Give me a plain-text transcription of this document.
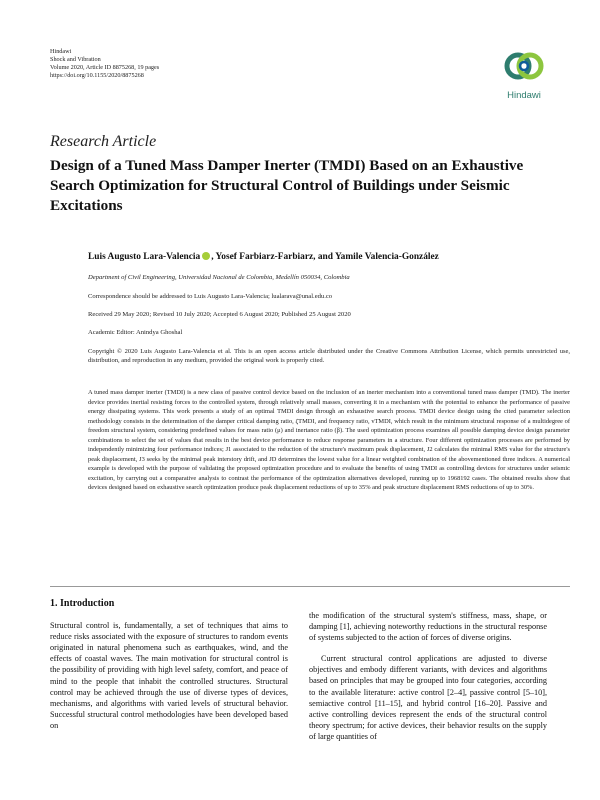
Hindawi
Shock and Vibration
Volume 2020, Article ID 8875268, 19 pages
https://doi.org/10.1155/2020/8875268
Hindawi
Research Article
Design of a Tuned Mass Damper Inerter (TMDI) Based on an Exhaustive Search Optimization for Structural Control of Buildings under Seismic Excitations
Luis Augusto Lara-Valencia , Yosef Farbiarz-Farbiarz, and Yamile Valencia-González
Department of Civil Engineering, Universidad Nacional de Colombia, Medellín 050034, Colombia
Correspondence should be addressed to Luis Augusto Lara-Valencia; lualarava@unal.edu.co
Received 29 May 2020; Revised 10 July 2020; Accepted 6 August 2020; Published 25 August 2020
Academic Editor: Anindya Ghoshal
Copyright © 2020 Luis Augusto Lara-Valencia et al. This is an open access article distributed under the Creative Commons Attribution License, which permits unrestricted use, distribution, and reproduction in any medium, provided the original work is properly cited.
A tuned mass damper inerter (TMDI) is a new class of passive control device based on the inclusion of an inerter mechanism into a conventional tuned mass damper (TMD). The inerter device provides inertial resisting forces to the controlled system, through relatively small masses, converting it in a mechanism with the potential to enhance the performance of passive energy dissipating systems. This work presents a study of an optimal TMDI design through an exhaustive search process. TMDI device design using the cited parameter selection methodology consists in the determination of the damper critical damping ratio, ζTMDI, and frequency ratio, vTMDI, which result in the minimum structural response of a multidegree of freedom structural system, considering predefined values for mass ratio (μ) and inertance ratio (β). The used optimization process examines all possible damping device design parameter combinations to select the set of values that results in the best device performance to reduce response parameters in a structure. Four different optimization processes are performed by independently minimizing four performance indices; J1 associated to the reduction of the structure's maximum peak displacement, J2 calculates the minimal RMS value for the structure's peak displacement, J3 seeks by the minimal peak interstory drift, and JD determines the lowest value for a linear weighted combination of the abovementioned three indices. A numerical example is developed with the purpose of validating the proposed optimization procedure and to evaluate the benefits of using TMDI as controlling devices for structures under seismic excitation, by carrying out a comparative analysis to contrast the performance of the optimization alternatives developed, running up to 1968192 cases. The obtained results show that devices designed based on exhaustive search optimization produce peak displacement reductions of up to 35% and peak structure displacement RMS reductions of up to 30%.
1. Introduction

Structural control is, fundamentally, a set of techniques that aims to reduce risks associated with the exposure of structures to random events originated in natural phenomena such as earthquakes, wind, and the effects of coastal waves. The main motivation for structural control is the possibility of providing with high level safety, comfort, and peace of mind to the people that inhabit the controlled structures. Structural control may be achieved through the use of diverse types of devices, mechanisms, and algorithms with varied levels of structural behavior. Successful structural control methodologies have been developed based on

the modification of the structural system's stiffness, mass, shape, or damping [1], achieving noteworthy reductions in the structural response of systems subjected to the action of forces of diverse origins.

Current structural control applications are adjusted to diverse objectives and embody different variants, with devices and algorithms based on principles that may be grouped into four categories, according to the available literature: active control [2–4], passive control [5–10], semiactive control [11–15], and hybrid control [16–20]. Passive and active controlling devices represent the ends of the structural control theory spectrum; for active devices, their behavior results on the supply of large quantities of
